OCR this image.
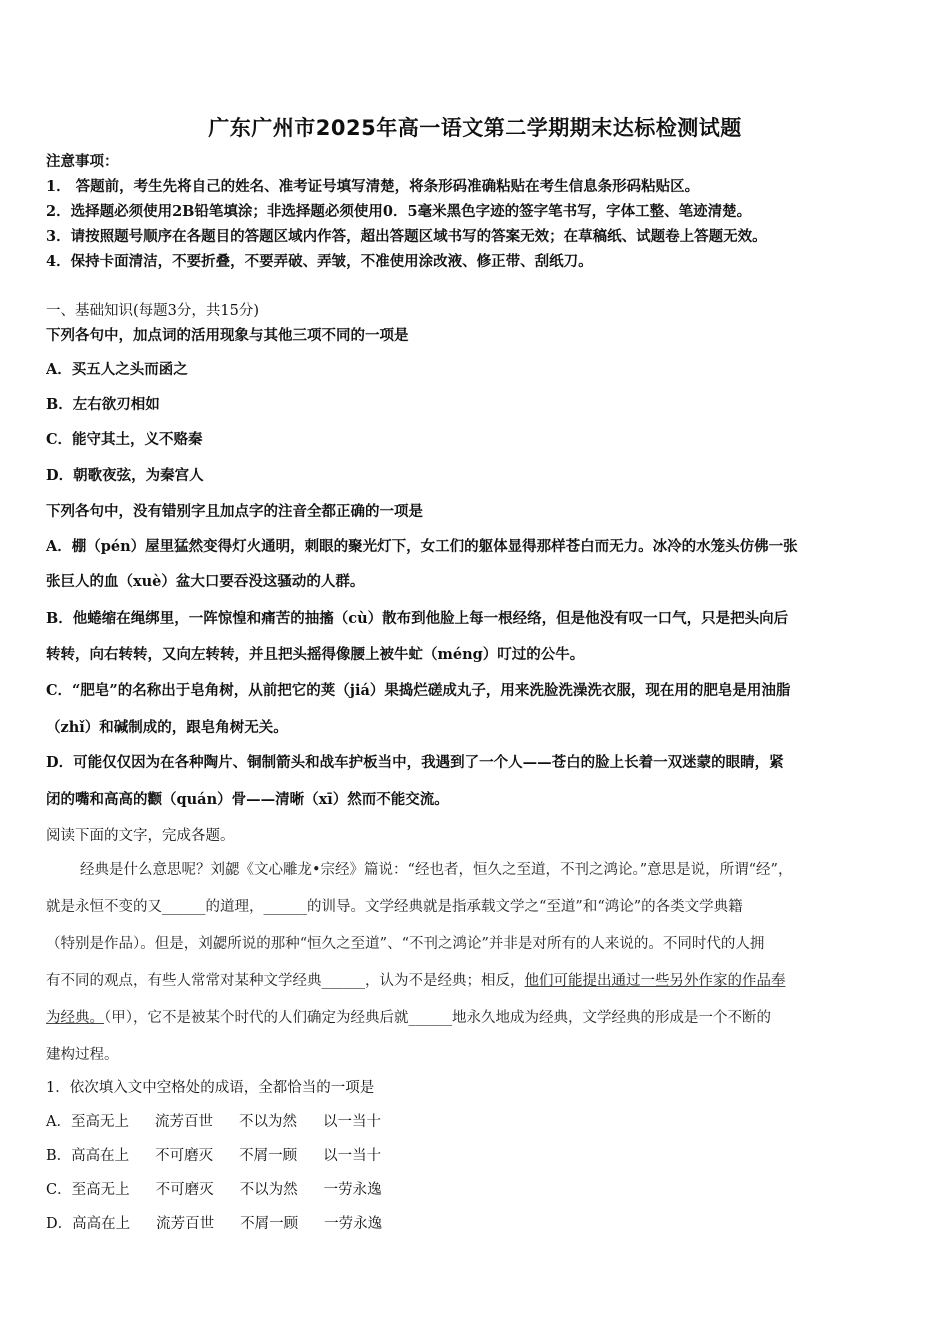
广东广州市2025年高一语文第二学期期末达标检测试题
注意事项：
1． 答题前，考生先将自己的姓名、准考证号填写清楚，将条形码准确粘贴在考生信息条形码粘贴区。
2．选择题必须使用2B铅笔填涂；非选择题必须使用0．5毫米黑色字迹的签字笔书写，字体工整、笔迹清楚。
3．请按照题号顺序在各题目的答题区域内作答，超出答题区域书写的答案无效；在草稿纸、试题卷上答题无效。
4．保持卡面清洁，不要折叠，不要弄破、弄皱，不准使用涂改液、修正带、刮纸刀。
一、基础知识(每题3分，共15分)
下列各句中，加点词的活用现象与其他三项不同的一项是
A．买五人之头而函之
B．左右欲刃相如
C．能守其土，义不赂秦
D．朝歌夜弦，为秦宫人
下列各句中，没有错别字且加点字的注音全都正确的一项是
A．棚（pén）屋里猛然变得灯火通明，刺眼的聚光灯下，女工们的躯体显得那样苍白而无力。冰冷的水笼头仿佛一张
张巨人的血（xuè）盆大口要吞没这骚动的人群。
B．他蜷缩在绳绑里，一阵惊惶和痛苦的抽搐（cù）散布到他脸上每一根经络，但是他没有叹一口气，只是把头向后
转转，向右转转，又向左转转，并且把头摇得像腰上被牛虻（méng）叮过的公牛。
C．“肥皂”的名称出于皂角树，从前把它的荚（jiá）果捣烂磋成丸子，用来洗脸洗澡洗衣服，现在用的肥皂是用油脂
（zhǐ）和碱制成的，跟皂角树无关。
D．可能仅仅因为在各种陶片、铜制箭头和战车护板当中，我遇到了一个人——苍白的脸上长着一双迷蒙的眼睛，紧
闭的嘴和高高的颧（quán）骨——清晰（xī）然而不能交流。
阅读下面的文字，完成各题。
经典是什么意思呢？刘勰《文心雕龙•宗经》篇说：“经也者，恒久之至道，不刊之鸿论。”意思是说，所谓“经”，
就是永恒不变的又______的道理，______的训导。文学经典就是指承载文学之“至道”和“鸿论”的各类文学典籍
（特别是作品）。但是，刘勰所说的那种“恒久之至道”、“不刊之鸿论”并非是对所有的人来说的。不同时代的人拥
有不同的观点，有些人常常对某种文学经典______，认为不是经典；相反，他们可能提出通过一些另外作家的作品奉
为经典。（甲），它不是被某个时代的人们确定为经典后就______地永久地成为经典，文学经典的形成是一个不断的
建构过程。
1．依次填入文中空格处的成语，全都恰当的一项是
A．至高无上 流芳百世 不以为然 以一当十
B．高高在上 不可磨灭 不屑一顾 以一当十
C．至高无上 不可磨灭 不以为然 一劳永逸
D．高高在上 流芳百世 不屑一顾 一劳永逸
